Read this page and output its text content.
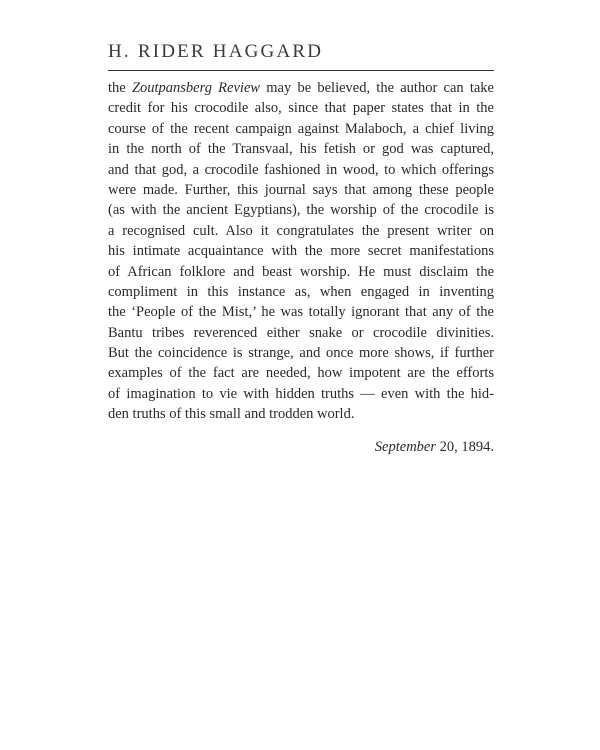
H. RIDER HAGGARD
the Zoutpansberg Review may be believed, the author can take
credit for his crocodile also, since that paper states that in the
course of the recent campaign against Malaboch, a chief living
in the north of the Transvaal, his fetish or god was captured,
and that god, a crocodile fashioned in wood, to which offerings
were made. Further, this journal says that among these people
(as with the ancient Egyptians), the worship of the crocodile is
a recognised cult. Also it congratulates the present writer on
his intimate acquaintance with the more secret manifestations
of African folklore and beast worship. He must disclaim the
compliment in this instance as, when engaged in inventing
the ‘People of the Mist,’ he was totally ignorant that any of the
Bantu tribes reverenced either snake or crocodile divinities.
But the coincidence is strange, and once more shows, if further
examples of the fact are needed, how impotent are the efforts
of imagination to vie with hidden truths — even with the hid-
den truths of this small and trodden world.
September 20, 1894.
